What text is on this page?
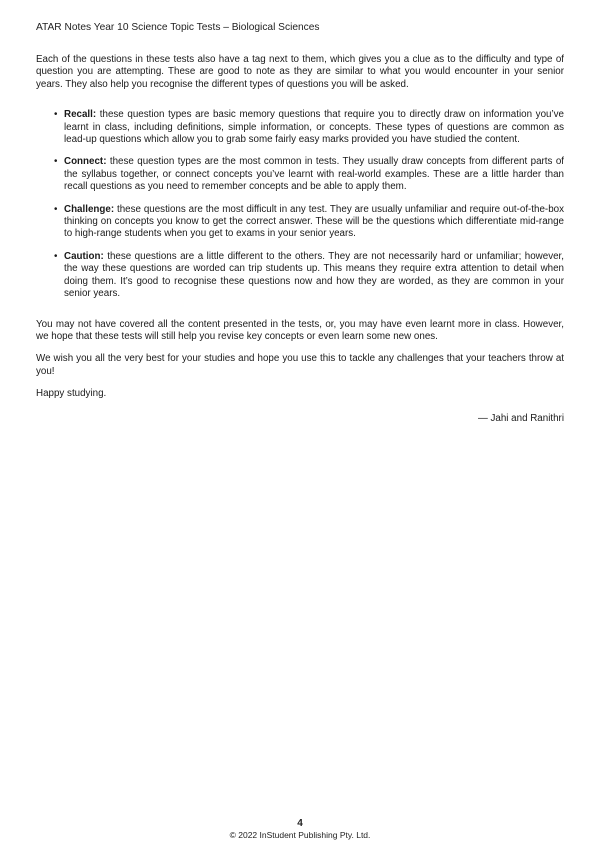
ATAR Notes Year 10 Science Topic Tests – Biological Sciences

Each of the questions in these tests also have a tag next to them, which gives you a clue as to the difficulty and type of question you are attempting. These are good to note as they are similar to what you would encounter in your senior years. They also help you recognise the different types of questions you will be asked.

• Recall: these question types are basic memory questions that require you to directly draw on information you’ve learnt in class, including definitions, simple information, or concepts. These types of questions are common as lead-up questions which allow you to grab some fairly easy marks provided you have studied the content.
• Connect: these question types are the most common in tests. They usually draw concepts from different parts of the syllabus together, or connect concepts you’ve learnt with real-world examples. These are a little harder than recall questions as you need to remember concepts and be able to apply them.
• Challenge: these questions are the most difficult in any test. They are usually unfamiliar and require out-of-the-box thinking on concepts you know to get the correct answer. These will be the questions which differentiate mid-range to high-range students when you get to exams in your senior years.
• Caution: these questions are a little different to the others. They are not necessarily hard or unfamiliar; however, the way these questions are worded can trip students up. This means they require extra attention to detail when doing them. It’s good to recognise these questions now and how they are worded, as they are common in your senior years.

You may not have covered all the content presented in the tests, or, you may have even learnt more in class. However, we hope that these tests will still help you revise key concepts or even learn some new ones.

We wish you all the very best for your studies and hope you use this to tackle any challenges that your teachers throw at you!

Happy studying.

— Jahi and Ranithri
4
© 2022 InStudent Publishing Pty. Ltd.
